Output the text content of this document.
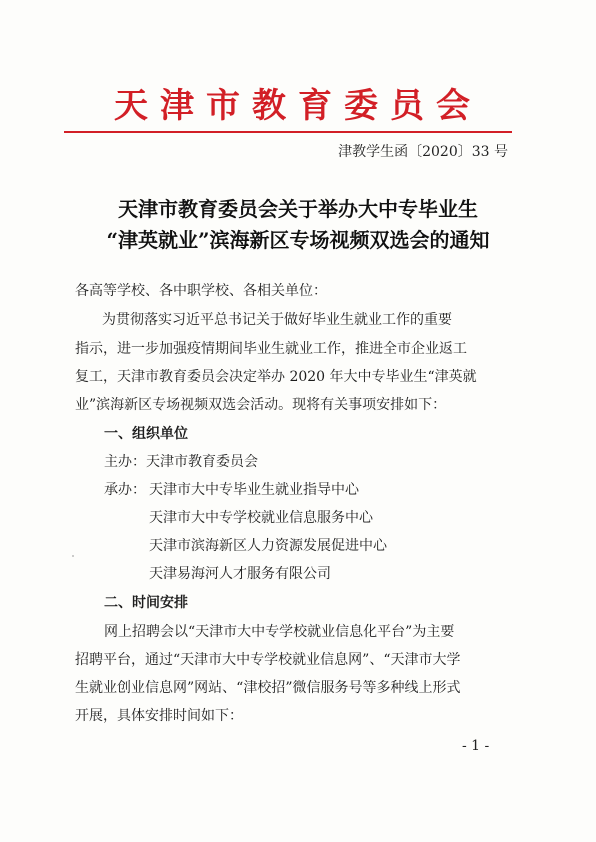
天津市教育委员会
津教学生函〔2020〕33 号
天津市教育委员会关于举办大中专毕业生
“津英就业”滨海新区专场视频双选会的通知
各高等学校、各中职学校、各相关单位：
为贯彻落实习近平总书记关于做好毕业生就业工作的重要
指示，进一步加强疫情期间毕业生就业工作，推进全市企业返工
复工，天津市教育委员会决定举办 2020 年大中专毕业生“津英就
业”滨海新区专场视频双选会活动。现将有关事项安排如下：
一、组织单位
主办：天津市教育委员会
承办： 天津市大中专毕业生就业指导中心
天津市大中专学校就业信息服务中心
天津市滨海新区人力资源发展促进中心
天津易海河人才服务有限公司
二、时间安排
网上招聘会以“天津市大中专学校就业信息化平台”为主要
招聘平台，通过“天津市大中专学校就业信息网”、“天津市大学
生就业创业信息网”网站、“津校招”微信服务号等多种线上形式
开展，具体安排时间如下：
- 1 -
